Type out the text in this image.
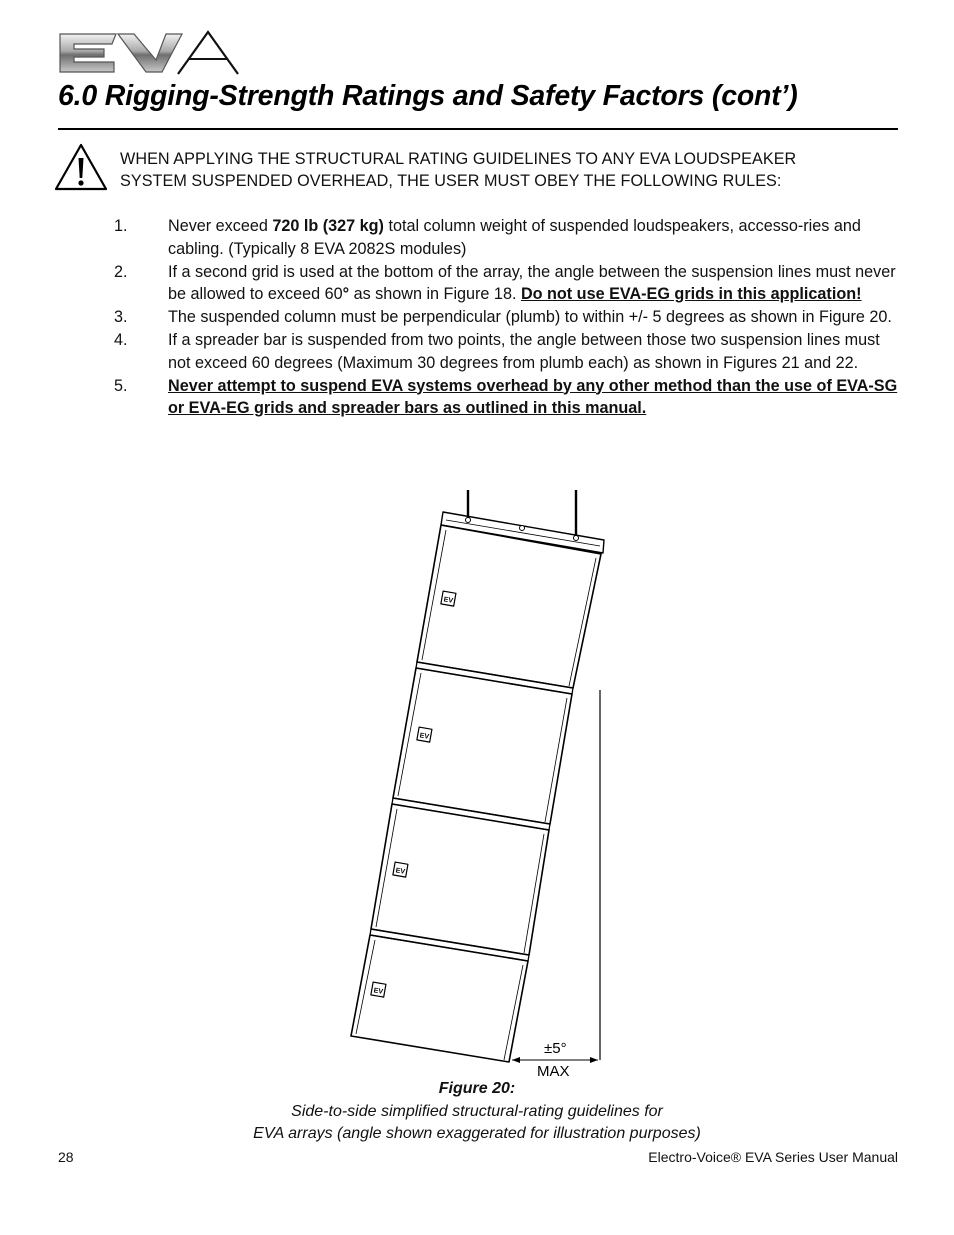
EVA
6.0 Rigging-Strength Ratings and Safety Factors (cont’)

WHEN APPLYING THE STRUCTURAL RATING GUIDELINES TO ANY EVA LOUDSPEAKER
SYSTEM SUSPENDED OVERHEAD, THE USER MUST OBEY THE FOLLOWING RULES:

1. Never exceed 720 lb (327 kg) total column weight of suspended loudspeakers, accesso-ries and cabling. (Typically 8 EVA 2082S modules)
2. If a second grid is used at the bottom of the array, the angle between the suspension lines must never be allowed to exceed 60° as shown in Figure 18. Do not use EVA-EG grids in this application!
3. The suspended column must be perpendicular (plumb) to within +/- 5 degrees as shown in Figure 20.
4. If a spreader bar is suspended from two points, the angle between those two suspension lines must not exceed 60 degrees (Maximum 30 degrees from plumb each) as shown in Figures 21 and 22.
5. Never attempt to suspend EVA systems overhead by any other method than the use of EVA-SG or EVA-EG grids and spreader bars as outlined in this manual.
EV
EV
EV
EV
±5°
MAX
Figure 20:
Side-to-side simplified structural-rating guidelines for
EVA arrays (angle shown exaggerated for illustration purposes)
28	Electro-Voice® EVA Series User Manual
